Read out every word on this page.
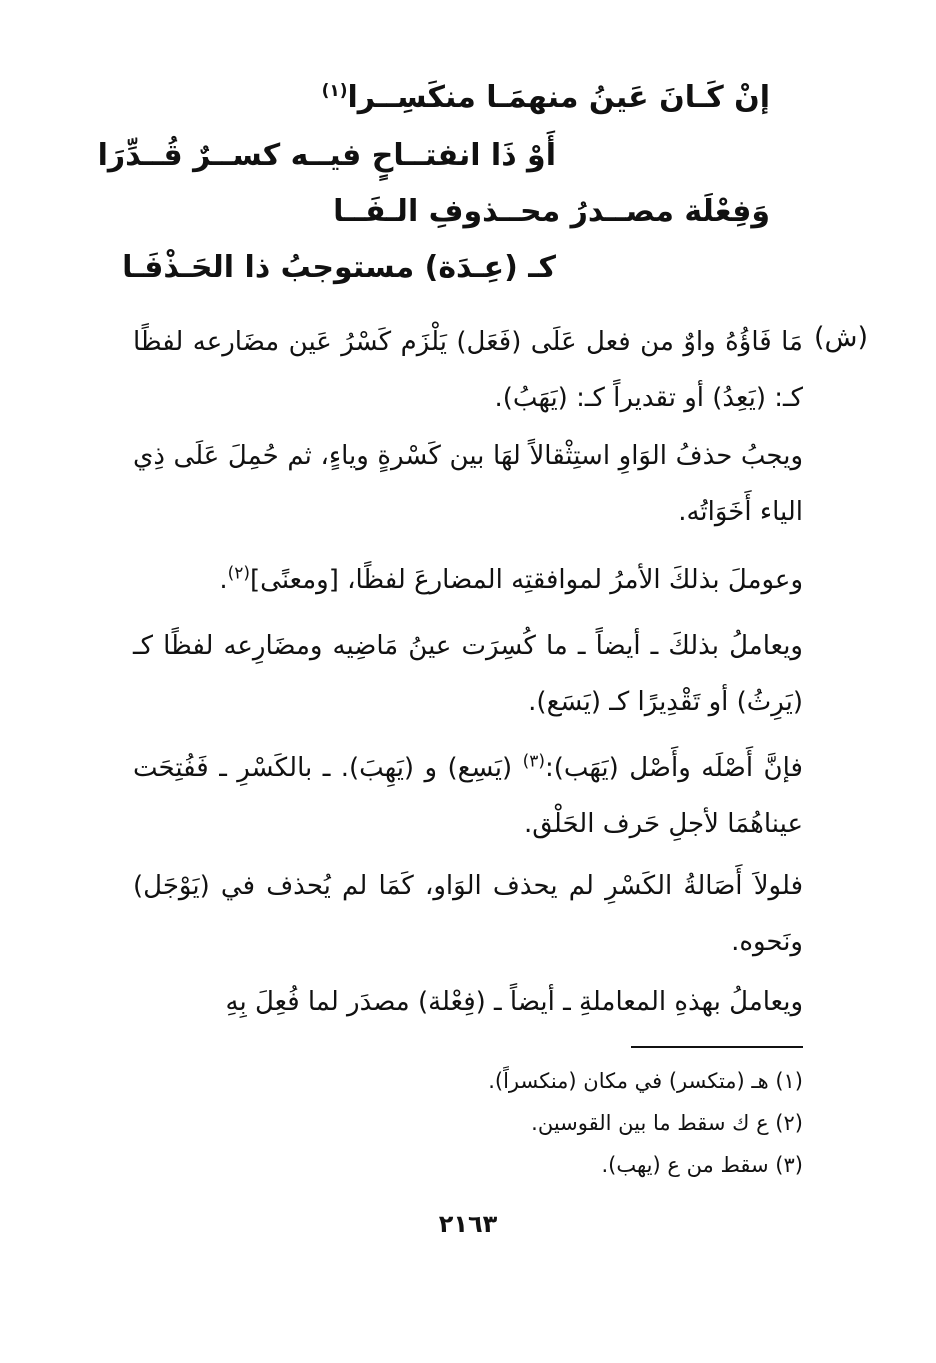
إنْ كَـانَ عَينُ منهمَـا منكَسِــرا$^{(١)}$
أَوْ ذَا انفتــاحٍ فيــه كســرٌ قُــدِّرَا
وَفِعْلَة مصــدرُ محــذوفِ الـفَــا
كـ (عِـدَة) مستوجبُ ذا الحَـذْفَـا
(ش)
مَا فَاؤُهُ واوٌ من فعل عَلَى (فَعَل) يَلْزَم كَسْرُ عَين مضَارعه لفظًا كـ: (يَعِدُ) أو تقديراً كـ: (يَهَبُ).
ويجبُ حذفُ الوَاوِ استِثْقالاً لهَا بين كَسْرةٍ وياءٍ، ثم حُمِلَ عَلَى ذِي الياء أَخَوَاتُه.
وعوملَ بذلكَ الأمرُ لموافقتِه المضارعَ لفظًا، [ومعنًى]$^{(٢)}$.
ويعاملُ بذلكَ ـ أيضاً ـ ما كُسِرَت عينُ مَاضِيه ومضَارِعه لفظًا كـ (يَرِثُ) أو تَقْدِيرًا كـ (يَسَع).
فإنَّ أَصْلَه وأَصْل (يَهَب):$^{(٣)}$ (يَسِع) و (يَهِبَ). ـ بالكَسْرِ ـ فَفُتِحَت عيناهُمَا لأجلِ حَرف الحَلْق.
فلولاَ أَصَالةُ الكَسْرِ لم يحذف الوَاو، كَمَا لم يُحذف في (يَوْجَل) ونَحوه.
ويعاملُ بهذهِ المعاملةِ ـ أيضاً ـ (فِعْلة) مصدَر لما فُعِلَ بِهِ
(١) هـ (متكسر) في مكان (منكسراً).
(٢) ع ك سقط ما بين القوسين.
(٣) سقط من ع (يهب).
٢١٦٣
